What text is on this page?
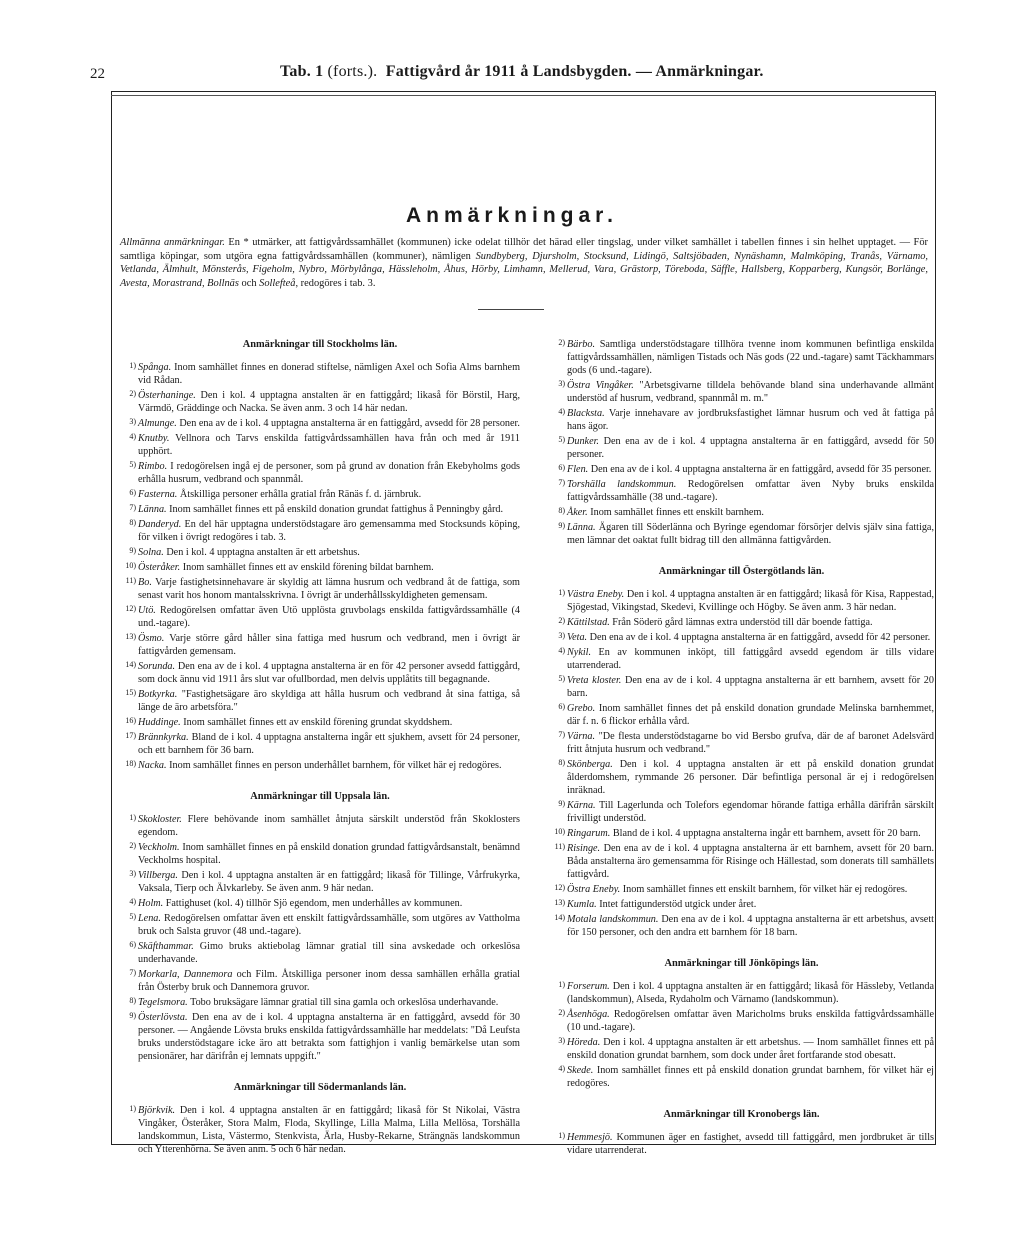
22	Tab. 1 (forts.). Fattigvård år 1911 å Landsbygden. — Anmärkningar.
Anmärkningar.
Allmänna anmärkningar. En * utmärker, att fattigvårdssamhället (kommunen) icke odelat tillhör det härad eller tingslag, under vilket samhället i tabellen finnes i sin helhet upptaget. — För samtliga köpingar, som utgöra egna fattigvårdssamhällen (kommuner), nämligen Sundbyberg, Djursholm, Stocksund, Lidingö, Saltsjöbaden, Nynäshamn, Malmköping, Tranås, Värnamo, Vetlanda, Älmhult, Mönsterås, Figeholm, Nybro, Mörbylånga, Hässleholm, Åhus, Hörby, Limhamn, Mellerud, Vara, Grästorp, Töreboda, Säffle, Hallsberg, Kopparberg, Kungsör, Borlänge, Avesta, Morastrand, Bollnäs och Sollefteå, redogöres i tab. 3.
Anmärkningar till Stockholms län.
1) Spånga. Inom samhället finnes en donerad stiftelse, nämligen Axel och Sofia Alms barnhem vid Rådan.
2) Österhaninge. Den i kol. 4 upptagna anstalten är en fattiggård; likaså för Börstil, Harg, Värmdö, Gräddinge och Nacka. Se även anm. 3 och 14 här nedan.
3) Almunge. Den ena av de i kol. 4 upptagna anstalterna är en fattiggård, avsedd för 28 personer.
4) Knutby. Vellnora och Tarvs enskilda fattigvårdssamhällen hava från och med år 1911 upphört.
5) Rimbo. I redogörelsen ingå ej de personer, som på grund av donation från Ekebyholms gods erhålla husrum, vedbrand och spannmål.
6) Fasterna. Åtskilliga personer erhålla gratial från Ränäs f. d. järnbruk.
7) Länna. Inom samhället finnes ett på enskild donation grundat fattighus å Penningby gård.
8) Danderyd. En del här upptagna understödstagare äro gemensamma med Stocksunds köping, för vilken i övrigt redogöres i tab. 3.
9) Solna. Den i kol. 4 upptagna anstalten är ett arbetshus.
10) Österåker. Inom samhället finnes ett av enskild förening bildat barnhem.
11) Bo. Varje fastighetsinnehavare är skyldig att lämna husrum och vedbrand åt de fattiga, som senast varit hos honom mantalsskrivna. I övrigt är underhållsskyldigheten gemensam.
12) Utö. Redogörelsen omfattar även Utö upplösta gruvbolags enskilda fattigvårdssamhälle (4 und.-tagare).
13) Ösmo. Varje större gård håller sina fattiga med husrum och vedbrand, men i övrigt är fattigvården gemensam.
14) Sorunda. Den ena av de i kol. 4 upptagna anstalterna är en för 42 personer avsedd fattiggård, som dock ännu vid 1911 års slut var ofullbordad, men delvis upplåtits till begagnande.
15) Botkyrka. "Fastighetsägare äro skyldiga att hålla husrum och vedbrand åt sina fattiga, så länge de äro arbetsföra."
16) Huddinge. Inom samhället finnes ett av enskild förening grundat skyddshem.
17) Brännkyrka. Bland de i kol. 4 upptagna anstalterna ingår ett sjukhem, avsett för 24 personer, och ett barnhem för 36 barn.
18) Nacka. Inom samhället finnes en person underhållet barnhem, för vilket här ej redogöres.
Anmärkningar till Uppsala län.
1) Skokloster. Flere behövande inom samhället åtnjuta särskilt understöd från Skoklosters egendom.
2) Veckholm. Inom samhället finnes en på enskild donation grundad fattigvårdsanstalt, benämnd Veckholms hospital.
3) Villberga. Den i kol. 4 upptagna anstalten är en fattiggård; likaså för Tillinge, Vårfrukyrka, Vaksala, Tierp och Älvkarleby. Se även anm. 9 här nedan.
4) Holm. Fattighuset (kol. 4) tillhör Sjö egendom, men underhålles av kommunen.
5) Lena. Redogörelsen omfattar även ett enskilt fattigvårdssamhälle, som utgöres av Vattholma bruk och Salsta gruvor (48 und.-tagare).
6) Skäfthammar. Gimo bruks aktiebolag lämnar gratial till sina avskedade och orkeslösa underhavande.
7) Morkarla, Dannemora och Film. Åtskilliga personer inom dessa samhällen erhålla gratial från Österby bruk och Dannemora gruvor.
8) Tegelsmora. Tobo bruksägare lämnar gratial till sina gamla och orkeslösa underhavande.
9) Österlövsta. Den ena av de i kol. 4 upptagna anstalterna är en fattiggård, avsedd för 30 personer. — Angående Lövsta bruks enskilda fattigvårdssamhälle har meddelats: "Då Leufsta bruks understödstagare icke äro att betrakta som fattighjon i vanlig bemärkelse utan som pensionärer, har därifrån ej lemnats uppgift."
Anmärkningar till Södermanlands län.
1) Björkvik. Den i kol. 4 upptagna anstalten är en fattiggård; likaså för St Nikolai, Västra Vingåker, Österåker, Stora Malm, Floda, Skyllinge, Lilla Malma, Lilla Mellösa, Torshälla landskommun, Lista, Västermo, Stenkvista, Ärla, Husby-Rekarne, Strängnäs landskommun och Ytterenhörna. Se även anm. 5 och 6 här nedan.
2) Bärbo. Samtliga understödstagare tillhöra tvenne inom kommunen befintliga enskilda fattigvårdssamhällen, nämligen Tistads och Näs gods (22 und.-tagare) samt Täckhammars gods (6 und.-tagare).
3) Östra Vingåker. "Arbetsgivarne tilldela behövande bland sina underhavande allmänt understöd af husrum, vedbrand, spannmål m. m."
4) Blacksta. Varje innehavare av jordbruksfastighet lämnar husrum och ved åt fattiga på hans ägor.
5) Dunker. Den ena av de i kol. 4 upptagna anstalterna är en fattiggård, avsedd för 50 personer.
6) Flen. Den ena av de i kol. 4 upptagna anstalterna är en fattiggård, avsedd för 35 personer.
7) Torshälla landskommun. Redogörelsen omfattar även Nyby bruks enskilda fattigvårdssamhälle (38 und.-tagare).
8) Åker. Inom samhället finnes ett enskilt barnhem.
9) Länna. Ägaren till Söderlänna och Byringe egendomar försörjer delvis själv sina fattiga, men lämnar det oaktat fullt bidrag till den allmänna fattigvården.
Anmärkningar till Östergötlands län.
1) Västra Eneby. Den i kol. 4 upptagna anstalten är en fattiggård; likaså för Kisa, Rappestad, Sjögestad, Vikingstad, Skedevi, Kvillinge och Högby. Se även anm. 3 här nedan.
2) Kättilstad. Från Söderö gård lämnas extra understöd till där boende fattiga.
3) Veta. Den ena av de i kol. 4 upptagna anstalterna är en fattiggård, avsedd för 42 personer.
4) Nykil. En av kommunen inköpt, till fattiggård avsedd egendom är tills vidare utarrenderad.
5) Vreta kloster. Den ena av de i kol. 4 upptagna anstalterna är ett barnhem, avsett för 20 barn.
6) Grebo. Inom samhället finnes det på enskild donation grundade Melinska barnhemmet, där f. n. 6 flickor erhålla vård.
7) Värna. "De flesta understödstagarne bo vid Bersbo grufva, där de af baronet Adelsvärd fritt åtnjuta husrum och vedbrand."
8) Skönberga. Den i kol. 4 upptagna anstalten är ett på enskild donation grundat ålderdomshem, rymmande 26 personer. Där befintliga personal är ej i redogörelsen inräknad.
9) Kärna. Till Lagerlunda och Tolefors egendomar hörande fattiga erhålla därifrån särskilt frivilligt understöd.
10) Ringarum. Bland de i kol. 4 upptagna anstalterna ingår ett barnhem, avsett för 20 barn.
11) Risinge. Den ena av de i kol. 4 upptagna anstalterna är ett barnhem, avsett för 20 barn. Båda anstalterna äro gemensamma för Risinge och Hällestad, som donerats till samhällets fattigvård.
12) Östra Eneby. Inom samhället finnes ett enskilt barnhem, för vilket här ej redogöres.
13) Kumla. Intet fattigunderstöd utgick under året.
14) Motala landskommun. Den ena av de i kol. 4 upptagna anstalterna är ett arbetshus, avsett för 150 personer, och den andra ett barnhem för 18 barn.
Anmärkningar till Jönköpings län.
1) Forserum. Den i kol. 4 upptagna anstalten är en fattiggård; likaså för Hässleby, Vetlanda (landskommun), Alseda, Rydaholm och Värnamo (landskommun).
2) Åsenhöga. Redogörelsen omfattar även Maricholms bruks enskilda fattigvårdssamhälle (10 und.-tagare).
3) Höreda. Den i kol. 4 upptagna anstalten är ett arbetshus. — Inom samhället finnes ett på enskild donation grundat barnhem, som dock under året fortfarande stod obesatt.
4) Skede. Inom samhället finnes ett på enskild donation grundat barnhem, för vilket här ej redogöres.
Anmärkningar till Kronobergs län.
1) Hemmesjö. Kommunen äger en fastighet, avsedd till fattiggård, men jordbruket är tills vidare utarrenderat.
